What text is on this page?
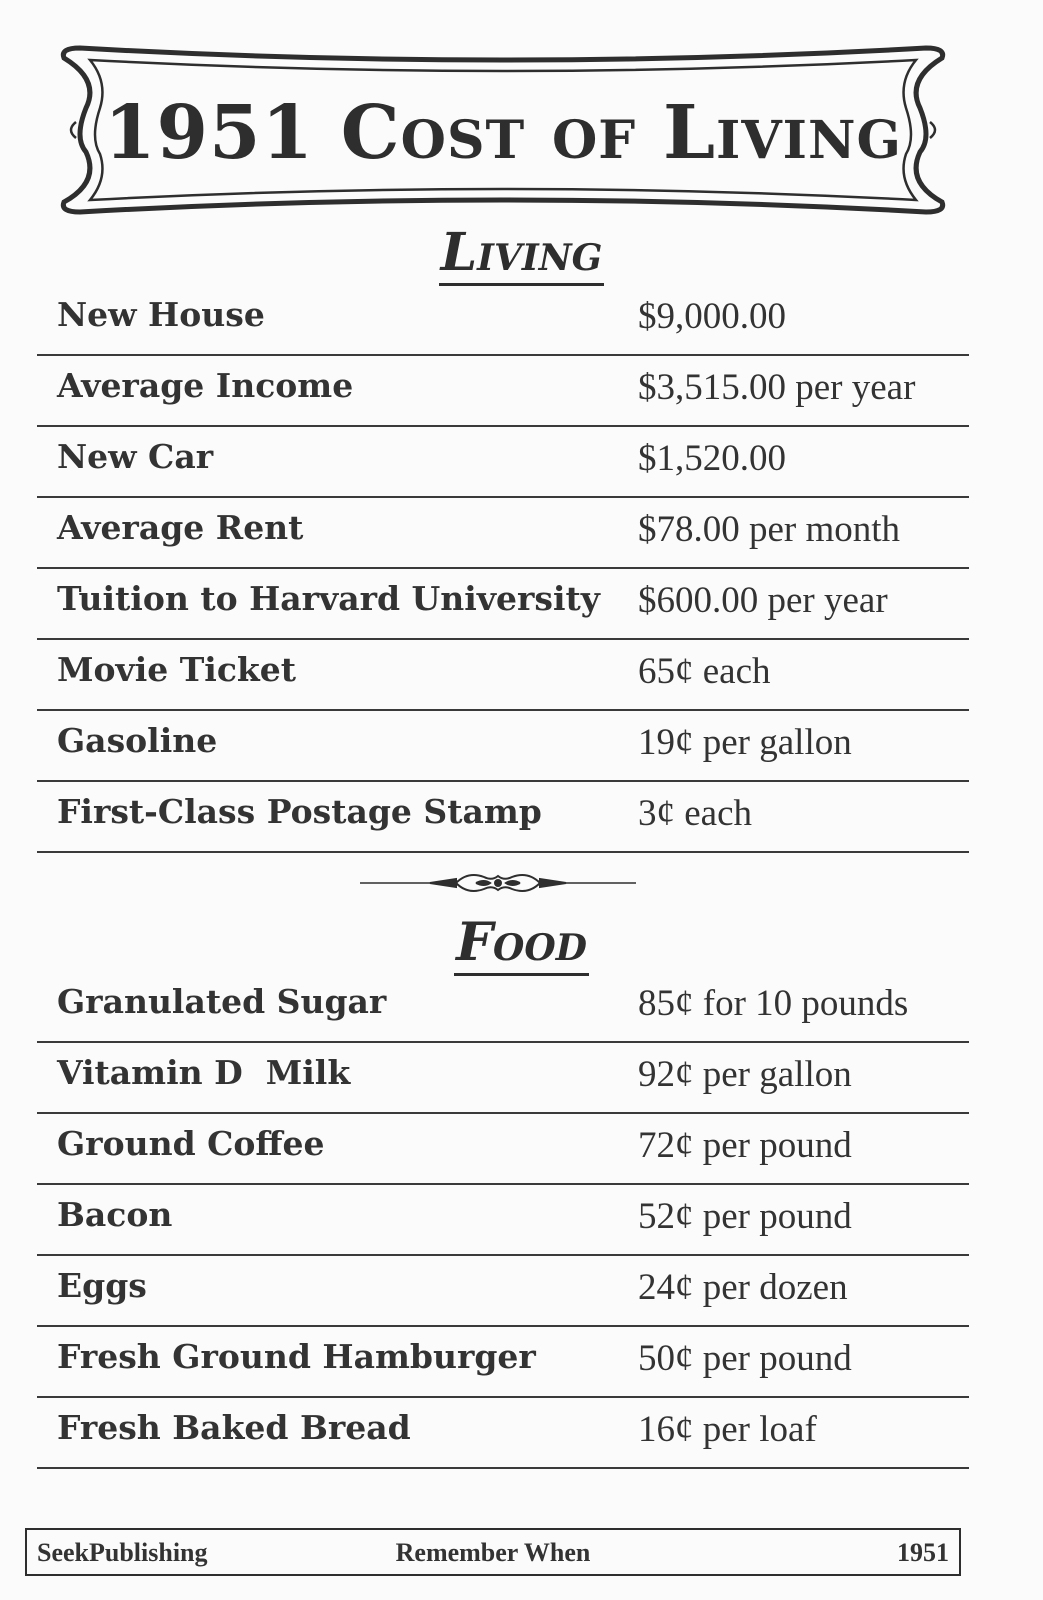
1951 Cost of Living
Living
New House	$9,000.00
Average Income	$3,515.00 per year
New Car	$1,520.00
Average Rent	$78.00 per month
Tuition to Harvard University $600.00 per year
Movie Ticket	65¢ each
Gasoline	19¢ per gallon
First-Class Postage Stamp	3¢ each
Food
Granulated Sugar	85¢ for 10 pounds
Vitamin D  Milk	92¢ per gallon
Ground Coffee	72¢ per pound
Bacon	52¢ per pound
Eggs	24¢ per dozen
Fresh Ground Hamburger	50¢ per pound
Fresh Baked Bread	16¢ per loaf
SeekPublishing	Remember When	1951
